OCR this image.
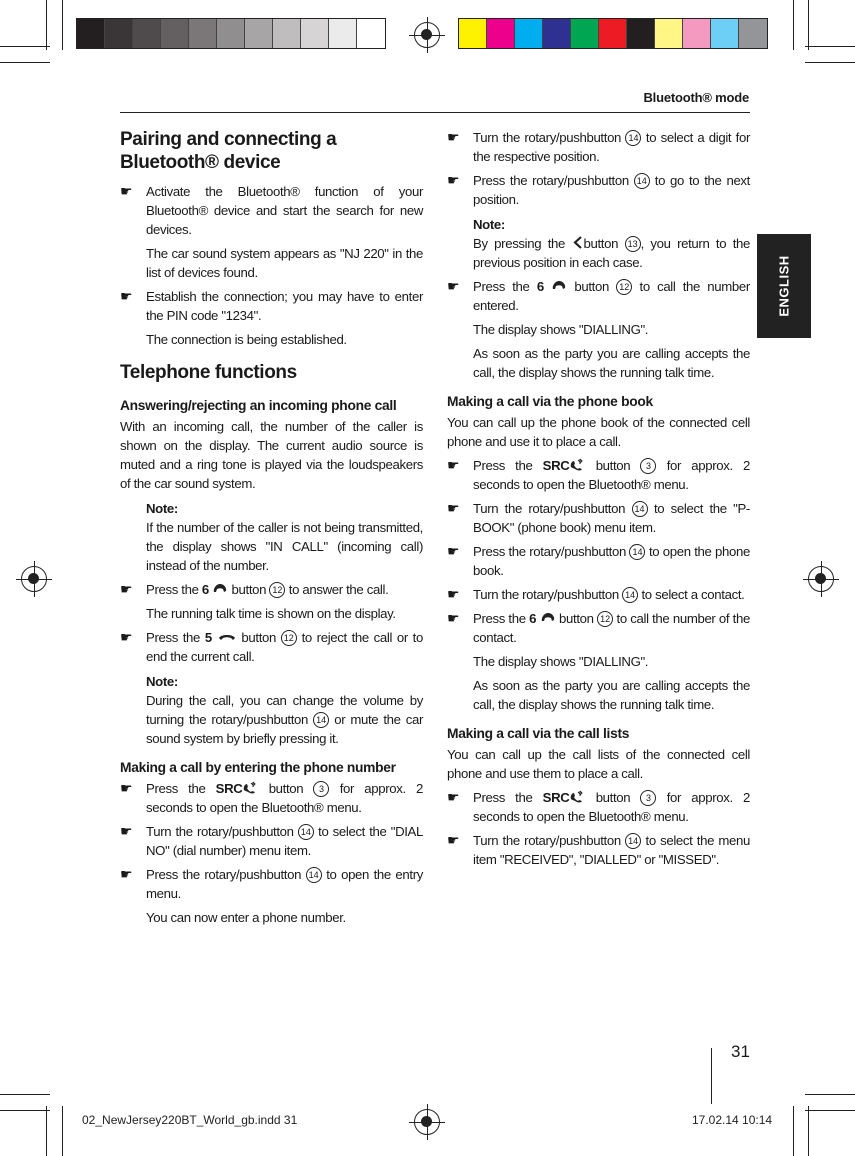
Bluetooth® mode
ENGLISH
Pairing and connecting a Bluetooth® device
☛ Activate the Bluetooth® function of your Bluetooth® device and start the search for new devices.
The car sound system appears as "NJ 220" in the list of devices found.
☛ Establish the connection; you may have to enter the PIN code "1234".
The connection is being established.
Telephone functions
Answering/rejecting an incoming phone call

With an incoming call, the number of the caller is shown on the display. The current audio source is muted and a ring tone is played via the loudspeakers of the car sound system.

Note:
If the number of the caller is not being transmitted, the display shows "IN CALL" (incoming call) instead of the number.
☛ Press the 6 button 12 to answer the call.
The running talk time is shown on the display.
☛ Press the 5 button 12 to reject the call or to end the current call.
Note:
During the call, you can change the volume by turning the rotary/pushbutton 14 or mute the car sound system by briefly pressing it.
Making a call by entering the phone number
☛ Press the SRC button 3 for approx. 2 seconds to open the Bluetooth® menu.
☛ Turn the rotary/pushbutton 14 to select the "DIAL NO" (dial number) menu item.
☛ Press the rotary/pushbutton 14 to open the entry menu.
You can now enter a phone number.
☛ Turn the rotary/pushbutton 14 to select a digit for the respective position.
☛ Press the rotary/pushbutton 14 to go to the next position.
Note:
By pressing the button 13 , you return to the previous position in each case.
☛ Press the 6 button 12 to call the number entered.
The display shows "DIALLING".
As soon as the party you are calling accepts the call, the display shows the running talk time.
Making a call via the phone book

You can call up the phone book of the connected cell phone and use it to place a call.

☛ Press the SRC button 3 for approx. 2 seconds to open the Bluetooth® menu.
☛ Turn the rotary/pushbutton 14 to select the "P-BOOK" (phone book) menu item.
☛ Press the rotary/pushbutton 14 to open the phone book.
☛ Turn the rotary/pushbutton 14 to select a contact.
☛ Press the 6 button 12 to call the number of the contact.
The display shows "DIALLING".
As soon as the party you are calling accepts the call, the display shows the running talk time.
Making a call via the call lists

You can call up the call lists of the connected cell phone and use them to place a call.

☛ Press the SRC button 3 for approx. 2 seconds to open the Bluetooth® menu.
☛ Turn the rotary/pushbutton 14 to select the menu item "RECEIVED", "DIALLED" or "MISSED".
31
02_NewJersey220BT_World_gb.indd 31	17.02.14 10:14
